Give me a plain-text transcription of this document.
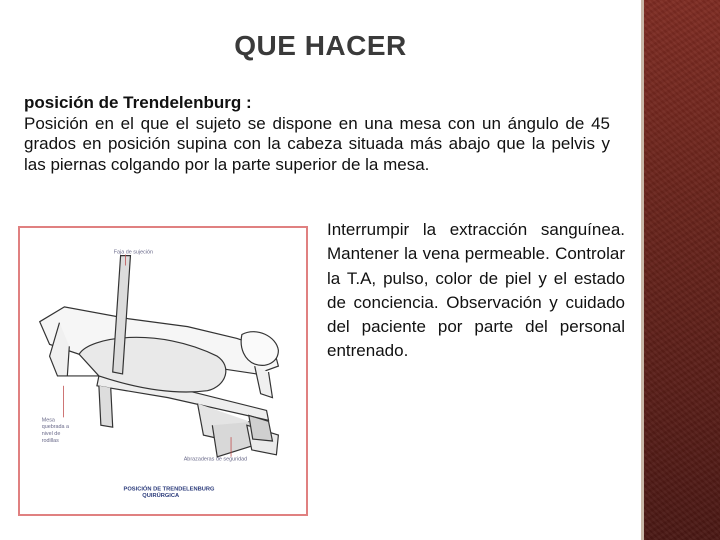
QUE HACER
posición de Trendelenburg :
Posición en el que el sujeto se dispone en una mesa con un ángulo de 45 grados en posición supina con la cabeza situada más abajo que la pelvis y las piernas colgando por la parte superior de la mesa.
Faja de sujeción
Mesa
quebrada a
nivel de
rodillas
Abrazaderas de seguridad
POSICIÓN DE TRENDELENBURG
QUIRÚRGICA
Interrumpir la extracción sanguínea. Mantener la vena permeable. Controlar la T.A, pulso, color de piel y el estado de conciencia. Observación y cuidado del paciente por parte del personal entrenado.
